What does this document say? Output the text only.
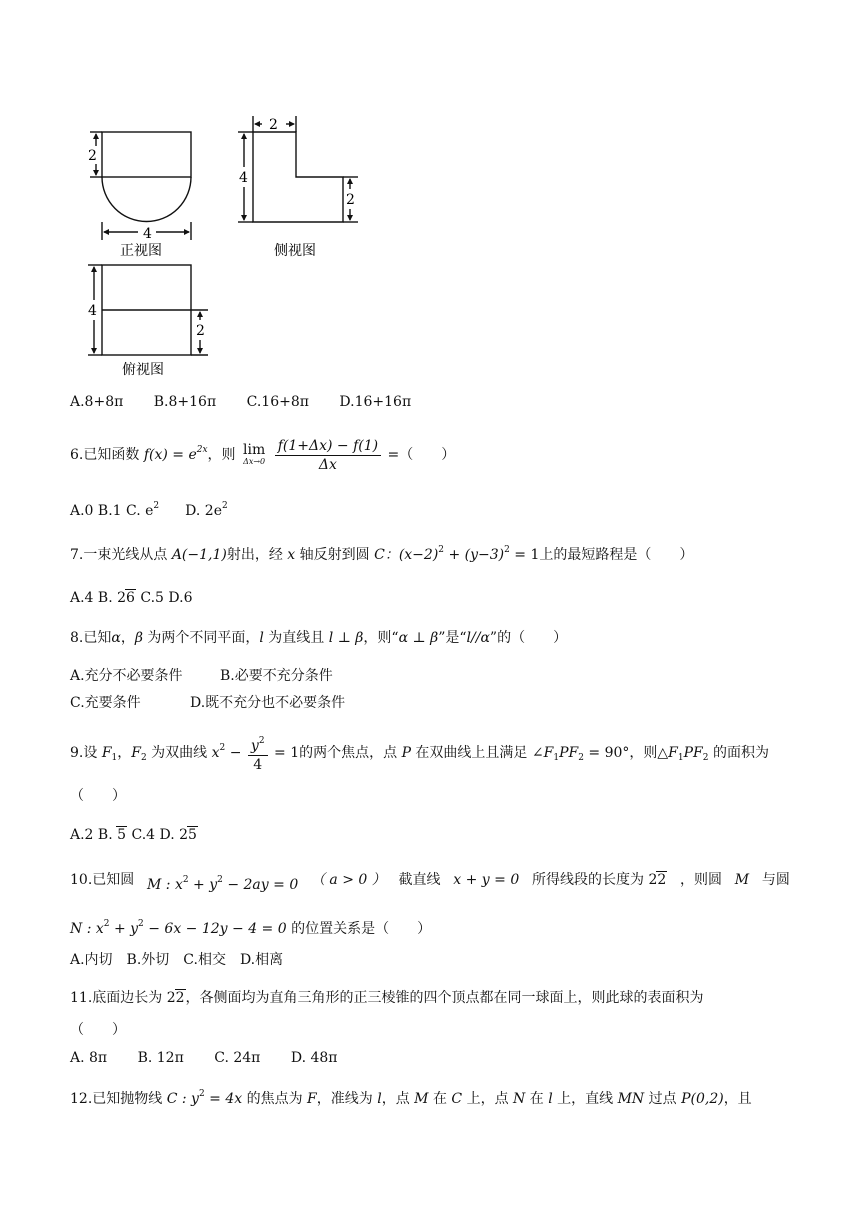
2
4
正视图
2
4
2
侧视图
4
2
俯视图
A.8+8π B.8+16π C.16+8π D.16+16π
6.已知函数 $f(x) = e^{2x}$，则 lim
Δx→0
$\frac{f(1+\Delta x) - f(1)}{\Delta x}$ =（　　）
A.0 B.1 C. $e^2$ D. $2e^2$
7.一束光线从点 A(−1,1)射出，经 x 轴反射到圆 C：$(x-2)^2 + (y-3)^2 = 1$上的最短路程是（　　）
A.4 B. 26 C.5 D.6
8.已知α，β 为两个不同平面，l 为直线且 l ⊥ β，则“α ⊥ β”是“l//α”的（　　）
A.充分不必要条件	B.必要不充分条件
C.充要条件	D.既不充分也不必要条件
9.设 $F_1$，$F_2$ 为双曲线 $x^2 - \frac{y^2}{4} = 1$的两个焦点，点 P 在双曲线上且满足 $\angle F_1PF_2 = 90^\circ$，则$\triangle F_1PF_2$ 的面积为
（　　）
A.2 B. 5 C.4 D. 25
10.已知圆 M : $x^2 + y^2 - 2ay = 0$ （ a > 0 ） 截直线 x + y = 0 所得线段的长度为 22 ，则圆 M 与圆
N : $x^2 + y^2 - 6x - 12y - 4 = 0$ 的位置关系是（　　）
A.内切　B.外切　C.相交　D.相离
11.底面边长为 22，各侧面均为直角三角形的正三棱锥的四个顶点都在同一球面上，则此球的表面积为
（　　）
A. 8π B. 12π C. 24π D. 48π
12.已知抛物线 C : $y^2 = 4x$ 的焦点为 F，准线为 l，点 M 在 C 上，点 N 在 l 上，直线 MN 过点 P(0,2)，且
